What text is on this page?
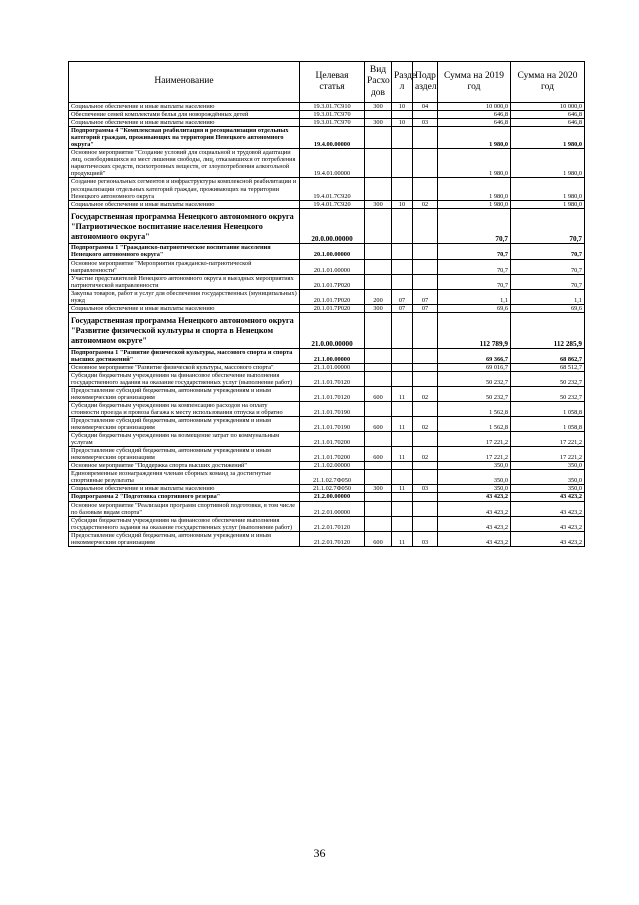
Наименование	Целевая статья	Вид Расхо дов	Разде л	Подр аздел	Сумма на 2019 год	Сумма на 2020 год
Социальное обеспечение и иные выплаты населению	19.3.01.7С910	300	10	04	10 000,0	10 000,0
Обеспечение семей комплектами белья для новорождённых детей	19.3.01.7С970				646,8	646,8
Социальное обеспечение и иные выплаты населению	19.3.01.7С970	300	10	03	646,8	646,8
Подпрограмма 4 "Комплексная реабилитация и ресоциализация отдельных категорий граждан, проживающих на территории Ненецкого автономного округа"	19.4.00.00000				1 980,0	1 980,0
Основное мероприятие "Создание условий для социальной и трудовой адаптации лиц, освободившихся из мест лишения свободы, лиц, отказавшихся от потребления наркотических средств, психотропных веществ, от злоупотребления алкогольной продукцией"	19.4.01.00000				1 980,0	1 980,0
Создание региональных сегментов и инфраструктуры комплексной реабилитации и ресоциализации отдельных категорий граждан, проживающих на территории Ненецкого автономного округа	19.4.01.7С920				1 980,0	1 980,0
Социальное обеспечение и иные выплаты населению	19.4.01.7С920	300	10	02	1 980,0	1 980,0
Государственная программа Ненецкого автономного округа "Патриотическое воспитание населения Ненецкого автономного округа"	20.0.00.00000				70,7	70,7
Подпрограмма 1 "Гражданско-патриотическое воспитание населения Ненецкого автономного округа"	20.1.00.00000				70,7	70,7
Основное мероприятие "Мероприятия гражданско-патриотической направленности"	20.1.01.00000				70,7	70,7
Участие представителей Ненецкого автономного округа в выездных мероприятиях патриотической направленности	20.1.01.7Р020				70,7	70,7
Закупка товаров, работ и услуг для обеспечения государственных (муниципальных) нужд	20.1.01.7Р020	200	07	07	1,1	1,1
Социальное обеспечение и иные выплаты населению	20.1.01.7Р020	300	07	07	69,6	69,6
Государственная программа Ненецкого автономного округа "Развитие физической культуры и спорта в Ненецком автономном округе"	21.0.00.00000				112 789,9	112 285,9
Подпрограмма 1 "Развитие физической культуры, массового спорта и спорта высших достижений"	21.1.00.00000				69 366,7	68 862,7
Основное мероприятие "Развитие физической культуры, массового спорта"	21.1.01.00000				69 016,7	68 512,7
Субсидии бюджетным учреждениям на финансовое обеспечение выполнения государственного задания на оказание государственных услуг (выполнение работ)	21.1.01.70120				50 232,7	50 232,7
Предоставление субсидий бюджетным, автономным учреждениям и иным некоммерческим организациям	21.1.01.70120	600	11	02	50 232,7	50 232,7
Субсидии бюджетным учреждениям на компенсацию расходов на оплату стоимости проезда и провоза багажа к месту использования отпуска и обратно	21.1.01.70190				1 562,8	1 058,8
Предоставление субсидий бюджетным, автономным учреждениям и иным некоммерческим организациям	21.1.01.70190	600	11	02	1 562,8	1 058,8
Субсидии бюджетным учреждениям на возмещение затрат по коммунальным услугам	21.1.01.70200				17 221,2	17 221,2
Предоставление субсидий бюджетным, автономным учреждениям и иным некоммерческим организациям	21.1.01.70200	600	11	02	17 221,2	17 221,2
Основное мероприятие "Поддержка спорта высших достижений"	21.1.02.00000				350,0	350,0
Единовременные вознаграждения членам сборных команд за достигнутые спортивные результаты	21.1.02.7Ф050				350,0	350,0
Социальное обеспечение и иные выплаты населению	21.1.02.7Ф050	300	11	03	350,0	350,0
Подпрограмма 2 "Подготовка спортивного резерва"	21.2.00.00000				43 423,2	43 423,2
Основное мероприятие "Реализация программ спортивной подготовки, в том числе по базовым видам спорта"	21.2.01.00000				43 423,2	43 423,2
Субсидии бюджетным учреждениям на финансовое обеспечение выполнения государственного задания на оказание государственных услуг (выполнение работ)	21.2.01.70120				43 423,2	43 423,2
Предоставление субсидий бюджетным, автономным учреждениям и иным некоммерческим организациям	21.2.01.70120	600	11	03	43 423,2	43 423,2
36
